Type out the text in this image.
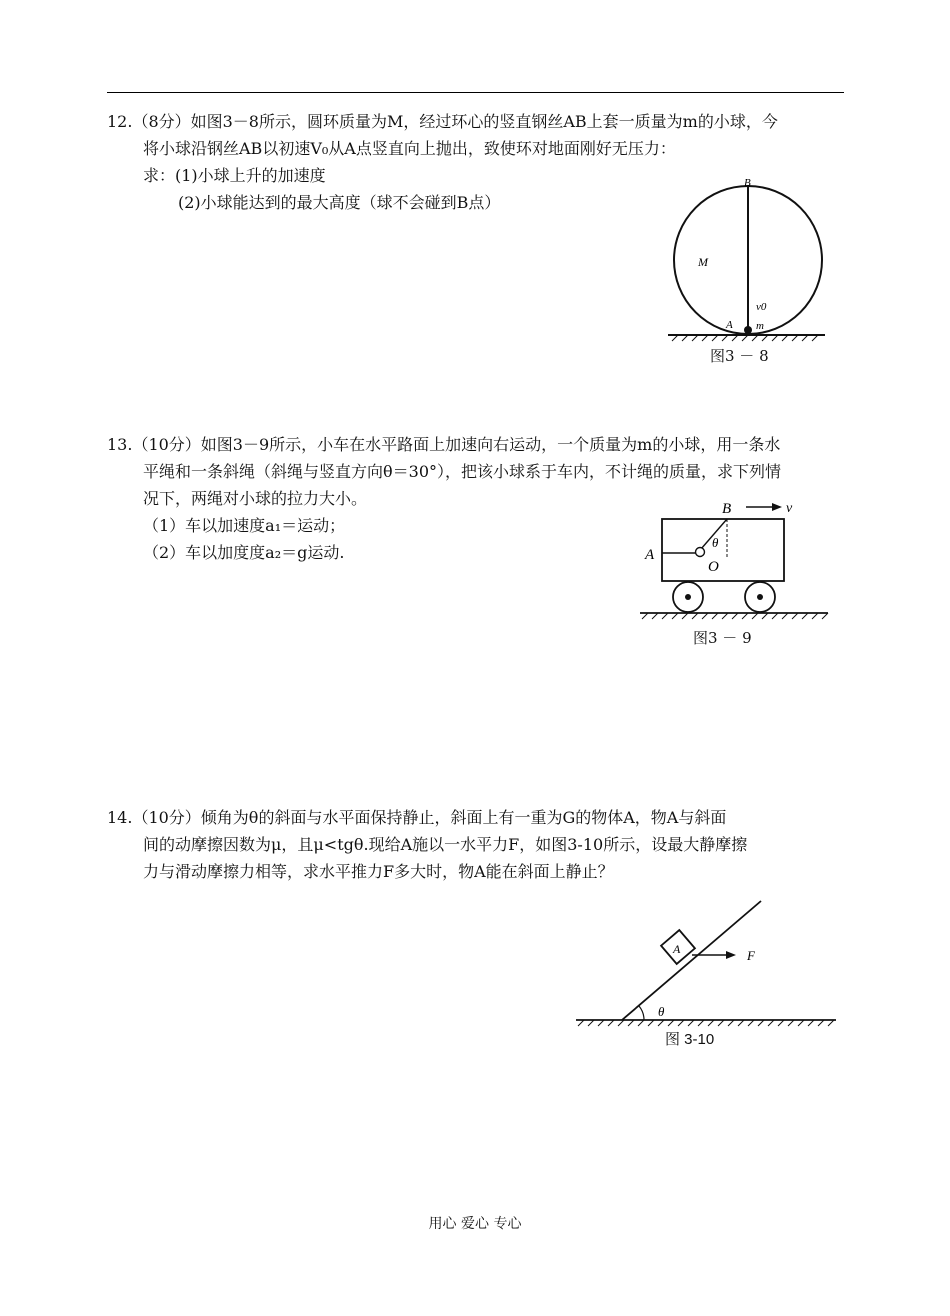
12.（8分）如图3－8所示，圆环质量为M，经过环心的竖直钢丝AB上套一质量为m的小球，今
将小球沿钢丝AB以初速V₀从A点竖直向上抛出，致使环对地面刚好无压力：
求：(1)小球上升的加速度
(2)小球能达到的最大高度（球不会碰到B点）
B
M
v0
A m
图3 － 8
13.（10分）如图3－9所示，小车在水平路面上加速向右运动，一个质量为m的小球，用一条水
平绳和一条斜绳（斜绳与竖直方向θ＝30°），把该小球系于车内，不计绳的质量，求下列情
况下，两绳对小球的拉力大小。
（1）车以加速度a₁＝运动；
（2）车以加度度a₂＝g运动.
B	v
A
O
θ
图3 － 9
14.（10分）倾角为θ的斜面与水平面保持静止，斜面上有一重为G的物体A，物A与斜面
间的动摩擦因数为μ，且μ<tgθ.现给A施以一水平力F，如图3-10所示，设最大静摩擦
力与滑动摩擦力相等，求水平推力F多大时，物A能在斜面上静止？
A	F
θ
图 3-10
用心 爱心 专心
